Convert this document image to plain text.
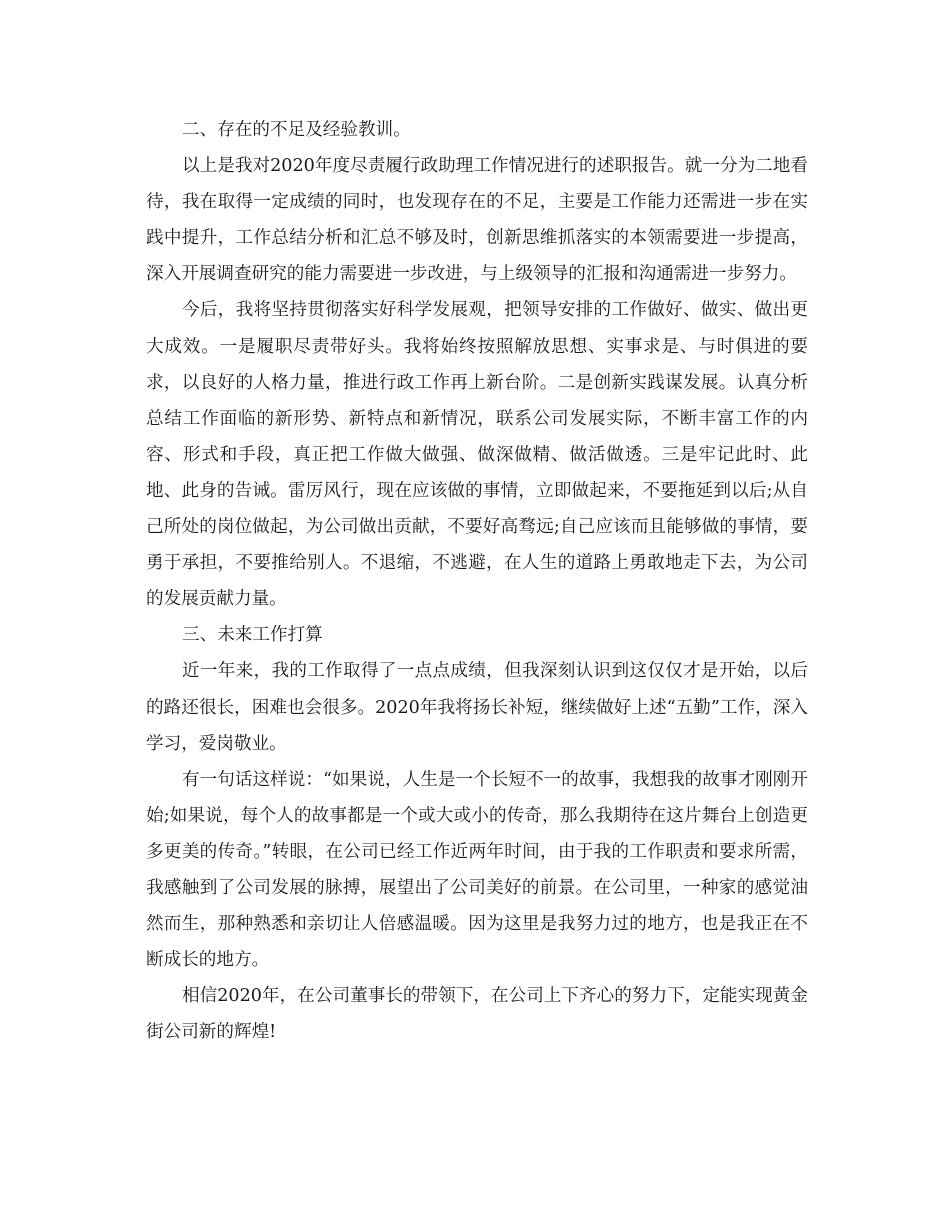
二、存在的不足及经验教训。

以上是我对2020年度尽责履行政助理工作情况进行的述职报告。就一分为二地看待，我在取得一定成绩的同时，也发现存在的不足，主要是工作能力还需进一步在实践中提升，工作总结分析和汇总不够及时，创新思维抓落实的本领需要进一步提高，深入开展调查研究的能力需要进一步改进，与上级领导的汇报和沟通需进一步努力。

今后，我将坚持贯彻落实好科学发展观，把领导安排的工作做好、做实、做出更大成效。一是履职尽责带好头。我将始终按照解放思想、实事求是、与时俱进的要求，以良好的人格力量，推进行政工作再上新台阶。二是创新实践谋发展。认真分析总结工作面临的新形势、新特点和新情况，联系公司发展实际，不断丰富工作的内容、形式和手段，真正把工作做大做强、做深做精、做活做透。三是牢记此时、此地、此身的告诫。雷厉风行，现在应该做的事情，立即做起来，不要拖延到以后;从自己所处的岗位做起，为公司做出贡献，不要好高骛远;自己应该而且能够做的事情，要勇于承担，不要推给别人。不退缩，不逃避，在人生的道路上勇敢地走下去，为公司的发展贡献力量。

三、未来工作打算

近一年来，我的工作取得了一点点成绩，但我深刻认识到这仅仅才是开始，以后的路还很长，困难也会很多。2020年我将扬长补短，继续做好上述“五勤”工作，深入学习，爱岗敬业。

有一句话这样说：“如果说，人生是一个长短不一的故事，我想我的故事才刚刚开始;如果说，每个人的故事都是一个或大或小的传奇，那么我期待在这片舞台上创造更多更美的传奇。”转眼，在公司已经工作近两年时间，由于我的工作职责和要求所需，我感触到了公司发展的脉搏，展望出了公司美好的前景。在公司里，一种家的感觉油然而生，那种熟悉和亲切让人倍感温暖。因为这里是我努力过的地方，也是我正在不断成长的地方。

相信2020年，在公司董事长的带领下，在公司上下齐心的努力下，定能实现黄金街公司新的辉煌!
